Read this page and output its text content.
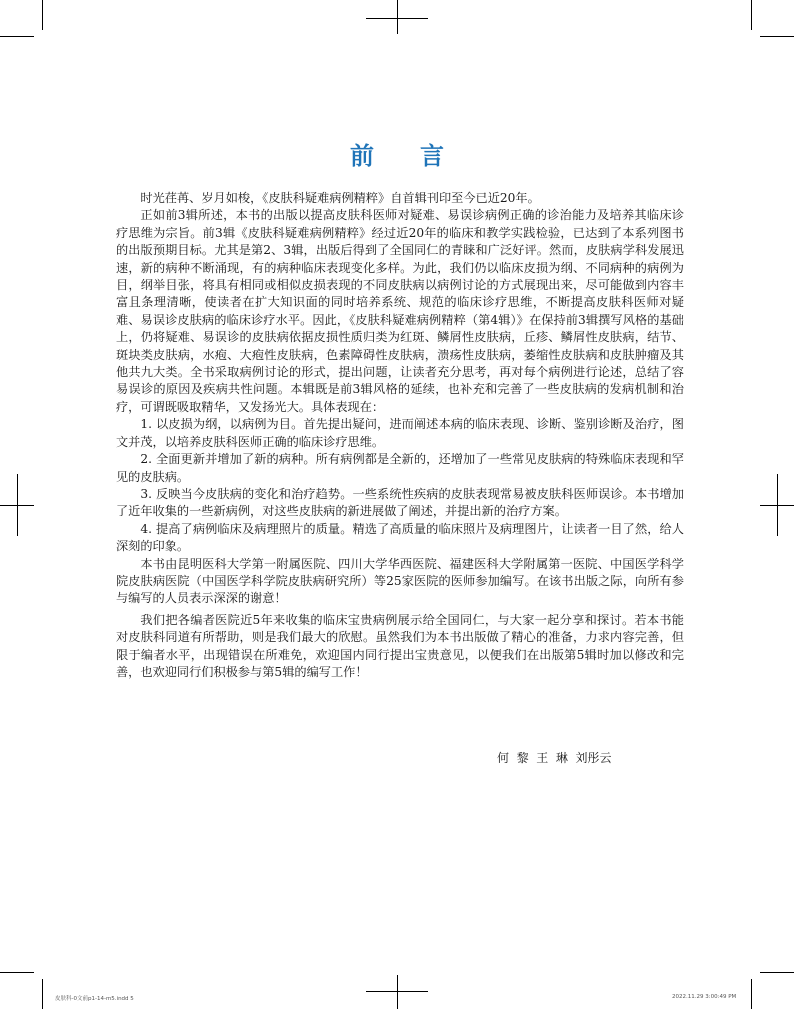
前言

时光荏苒、岁月如梭，《皮肤科疑难病例精粹》自首辑刊印至今已近20年。

正如前3辑所述，本书的出版以提高皮肤科医师对疑难、易误诊病例正确的诊治能力及培养其临床诊疗思维为宗旨。前3辑《皮肤科疑难病例精粹》经过近20年的临床和教学实践检验，已达到了本系列图书的出版预期目标。尤其是第2、3辑，出版后得到了全国同仁的青睐和广泛好评。然而，皮肤病学科发展迅速，新的病种不断涌现，有的病种临床表现变化多样。为此，我们仍以临床皮损为纲、不同病种的病例为目，纲举目张，将具有相同或相似皮损表现的不同皮肤病以病例讨论的方式展现出来，尽可能做到内容丰富且条理清晰，使读者在扩大知识面的同时培养系统、规范的临床诊疗思维，不断提高皮肤科医师对疑难、易误诊皮肤病的临床诊疗水平。因此，《皮肤科疑难病例精粹（第4辑）》在保持前3辑撰写风格的基础上，仍将疑难、易误诊的皮肤病依据皮损性质归类为红斑、鳞屑性皮肤病，丘疹、鳞屑性皮肤病，结节、斑块类皮肤病，水疱、大疱性皮肤病，色素障碍性皮肤病，溃疡性皮肤病，萎缩性皮肤病和皮肤肿瘤及其他共九大类。全书采取病例讨论的形式，提出问题，让读者充分思考，再对每个病例进行论述，总结了容易误诊的原因及疾病共性问题。本辑既是前3辑风格的延续，也补充和完善了一些皮肤病的发病机制和治疗，可谓既吸取精华，又发扬光大。具体表现在：

1. 以皮损为纲，以病例为目。首先提出疑问，进而阐述本病的临床表现、诊断、鉴别诊断及治疗，图文并茂，以培养皮肤科医师正确的临床诊疗思维。

2. 全面更新并增加了新的病种。所有病例都是全新的，还增加了一些常见皮肤病的特殊临床表现和罕见的皮肤病。

3. 反映当今皮肤病的变化和治疗趋势。一些系统性疾病的皮肤表现常易被皮肤科医师误诊。本书增加了近年收集的一些新病例，对这些皮肤病的新进展做了阐述，并提出新的治疗方案。

4. 提高了病例临床及病理照片的质量。精选了高质量的临床照片及病理图片，让读者一目了然，给人深刻的印象。

本书由昆明医科大学第一附属医院、四川大学华西医院、福建医科大学附属第一医院、中国医学科学院皮肤病医院（中国医学科学院皮肤病研究所）等25家医院的医师参加编写。在该书出版之际，向所有参与编写的人员表示深深的谢意！

我们把各编者医院近5年来收集的临床宝贵病例展示给全国同仁，与大家一起分享和探讨。若本书能对皮肤科同道有所帮助，则是我们最大的欣慰。虽然我们为本书出版做了精心的准备，力求内容完善，但限于编者水平，出现错误在所难免，欢迎国内同行提出宝贵意见，以便我们在出版第5辑时加以修改和完善，也欢迎同行们积极参与第5辑的编写工作！

何  黎  王  琳  刘彤云
皮肤科-0文前p1-14-m5.indd 5	2022.11.29 3:00:49 PM
